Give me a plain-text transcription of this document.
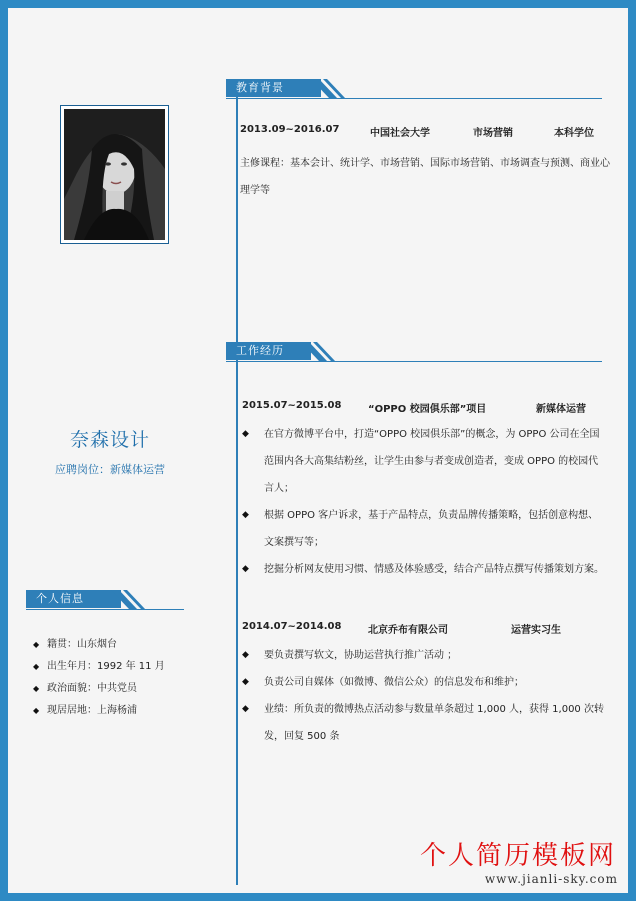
奈森设计
应聘岗位：新媒体运营
教育背景
2013.09~2016.07	中国社会大学	市场营销	本科学位
主修课程：基本会计、统计学、市场营销、国际市场营销、市场调查与预测、商业心理学等
工作经历
2015.07~2015.08	“OPPO 校园俱乐部”项目	新媒体运营
◆ 在官方微博平台中，打造“OPPO 校园俱乐部”的概念，为 OPPO 公司在全国范围内各大高集结粉丝，让学生由参与者变成创造者，变成 OPPO 的校园代言人；
◆ 根据 OPPO 客户诉求，基于产品特点，负责品牌传播策略，包括创意构想、文案撰写等；
◆ 挖掘分析网友使用习惯、情感及体验感受，结合产品特点撰写传播策划方案。
2014.07~2014.08	北京乔布有限公司	运营实习生
◆ 要负责撰写软文，协助运营执行推广活动 ；
◆ 负责公司自媒体（如微博、微信公众）的信息发布和维护；
◆ 业绩：所负责的微博热点活动参与数量单条超过 1,000 人，获得 1,000 次转发，回复 500 条
个人信息
◆ 籍贯：山东烟台
◆ 出生年月：1992 年 11 月
◆ 政治面貌：中共党员
◆ 现居居地：上海杨浦
个人简历模板网
www.jianli-sky.com
